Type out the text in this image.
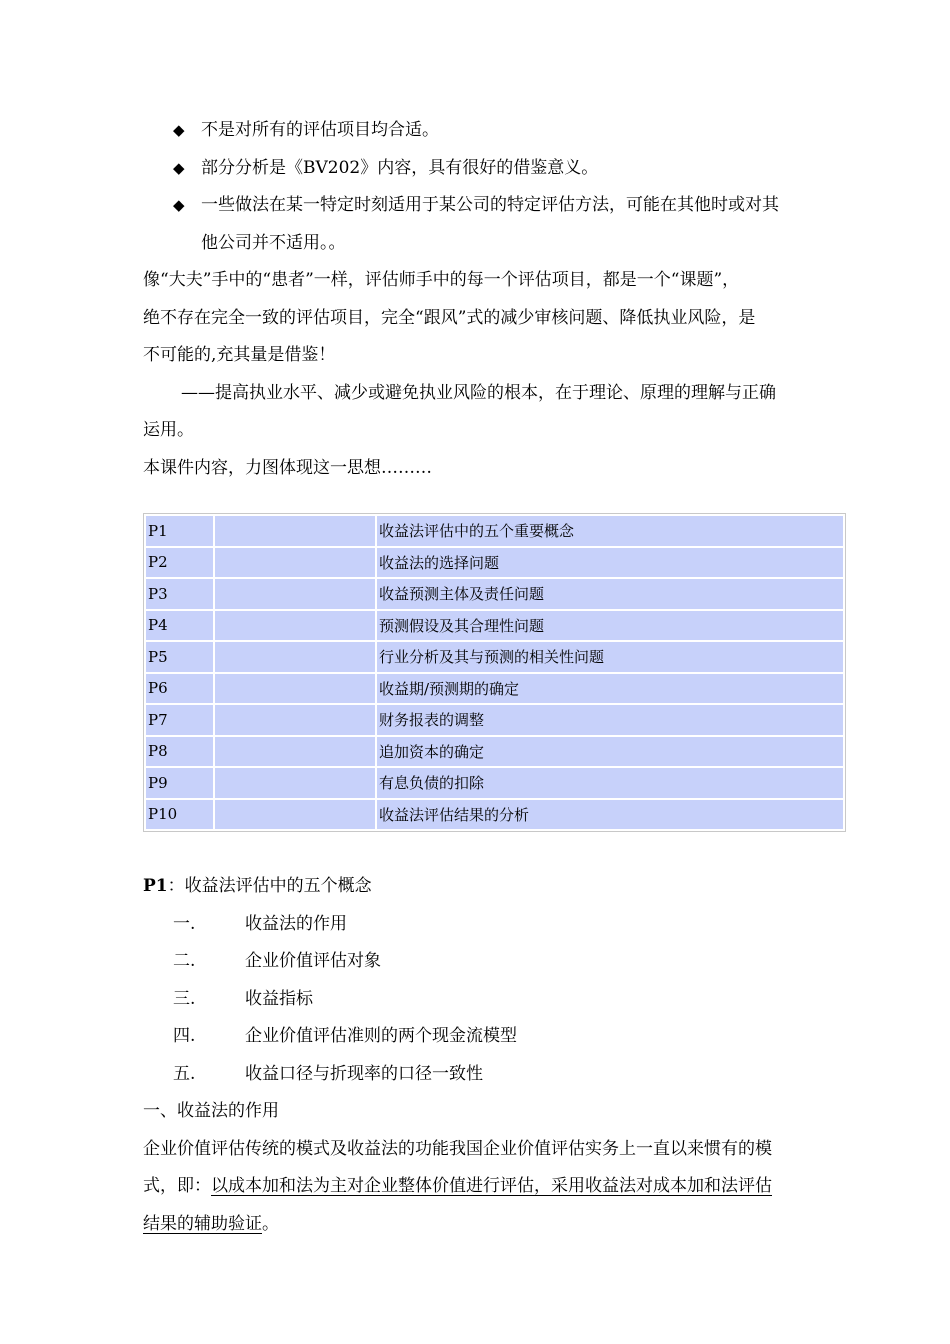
◆ 不是对所有的评估项目均合适。
◆ 部分分析是《BV202》内容，具有很好的借鉴意义。
◆ 一些做法在某一特定时刻适用于某公司的特定评估方法，可能在其他时或对其
他公司并不适用。。
像“大夫”手中的“患者”一样，评估师手中的每一个评估项目，都是一个“课题”，
绝不存在完全一致的评估项目，完全“跟风”式的减少审核问题、降低执业风险，是
不可能的,充其量是借鉴！
——提高执业水平、减少或避免执业风险的根本，在于理论、原理的理解与正确
运用。
本课件内容，力图体现这一思想………
P1		收益法评估中的五个重要概念
P2		收益法的选择问题
P3		收益预测主体及责任问题
P4		预测假设及其合理性问题
P5		行业分析及其与预测的相关性问题
P6		收益期/预测期的确定
P7		财务报表的调整
P8		追加资本的确定
P9		有息负债的扣除
P10		收益法评估结果的分析
P1：收益法评估中的五个概念
一.	收益法的作用
二.	企业价值评估对象
三.	收益指标
四.	企业价值评估准则的两个现金流模型
五.	收益口径与折现率的口径一致性
一、收益法的作用
企业价值评估传统的模式及收益法的功能我国企业价值评估实务上一直以来惯有的模
式，即：以成本加和法为主对企业整体价值进行评估，采用收益法对成本加和法评估
结果的辅助验证。
